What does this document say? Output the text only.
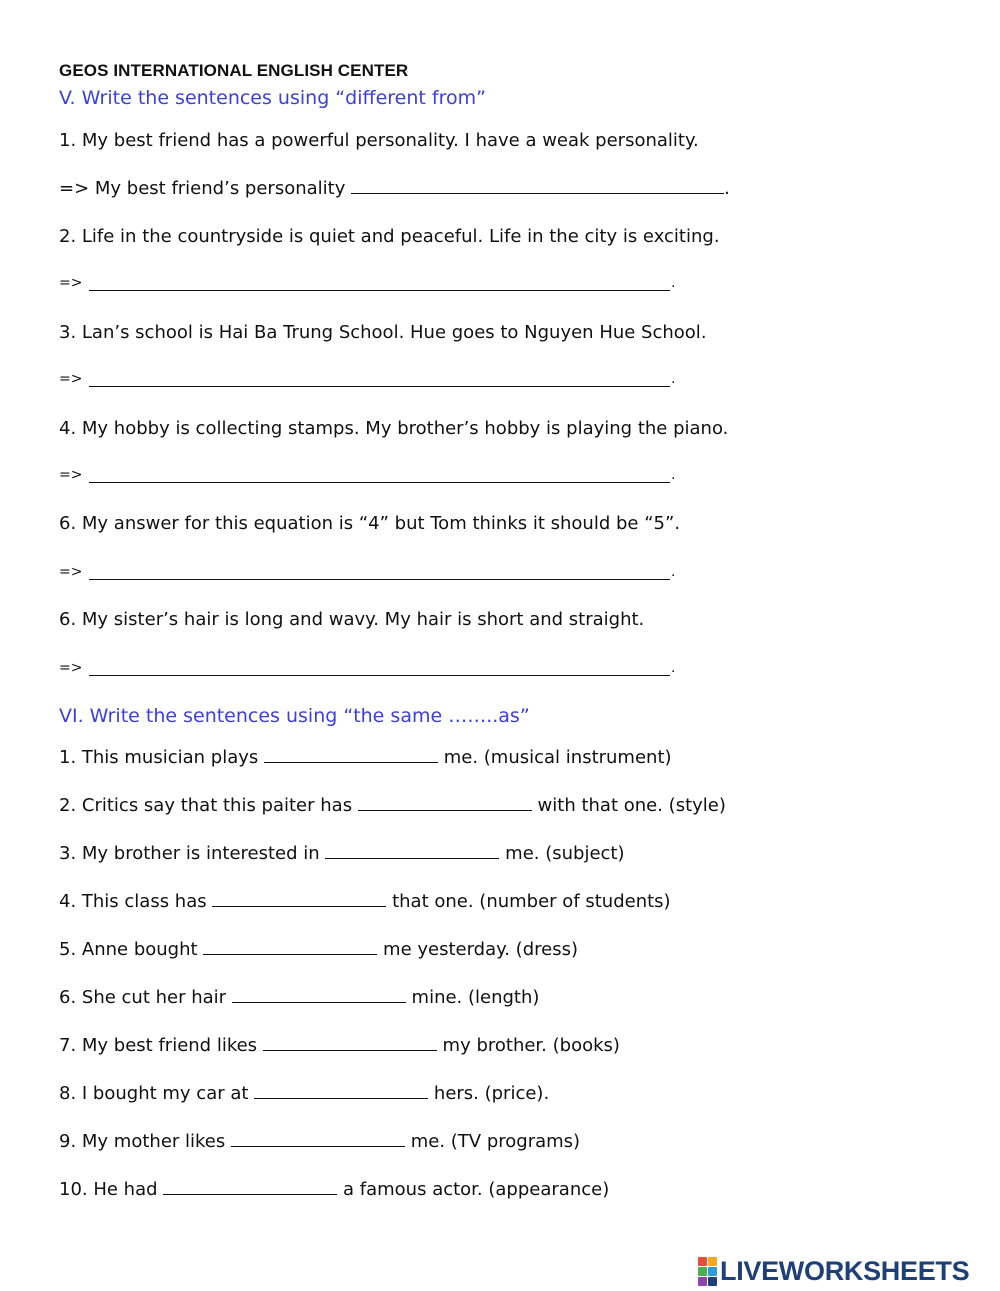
GEOS INTERNATIONAL ENGLISH CENTER
V. Write the sentences using “different from”
1. My best friend has a powerful personality. I have a weak personality.
=> My best friend’s personality	.
2. Life in the countryside is quiet and peaceful. Life in the city is exciting.
=>	.
3. Lan’s school is Hai Ba Trung School. Hue goes to Nguyen Hue School.
=>	.
4. My hobby is collecting stamps. My brother’s hobby is playing the piano.
=>	.
6. My answer for this equation is “4” but Tom thinks it should be “5”.
=>	.
6. My sister’s hair is long and wavy. My hair is short and straight.
=>	.
VI. Write the sentences using “the same ……..as”
1. This musician plays	me. (musical instrument)
2. Critics say that this paiter has	with that one. (style)
3. My brother is interested in	me. (subject)
4. This class has	that one. (number of students)
5. Anne bought	me yesterday. (dress)
6. She cut her hair	mine. (length)
7. My best friend likes	my brother. (books)
8. I bought my car at	hers. (price).
9. My mother likes	me. (TV programs)
10. He had	a famous actor. (appearance)
LIVEWORKSHEETS
